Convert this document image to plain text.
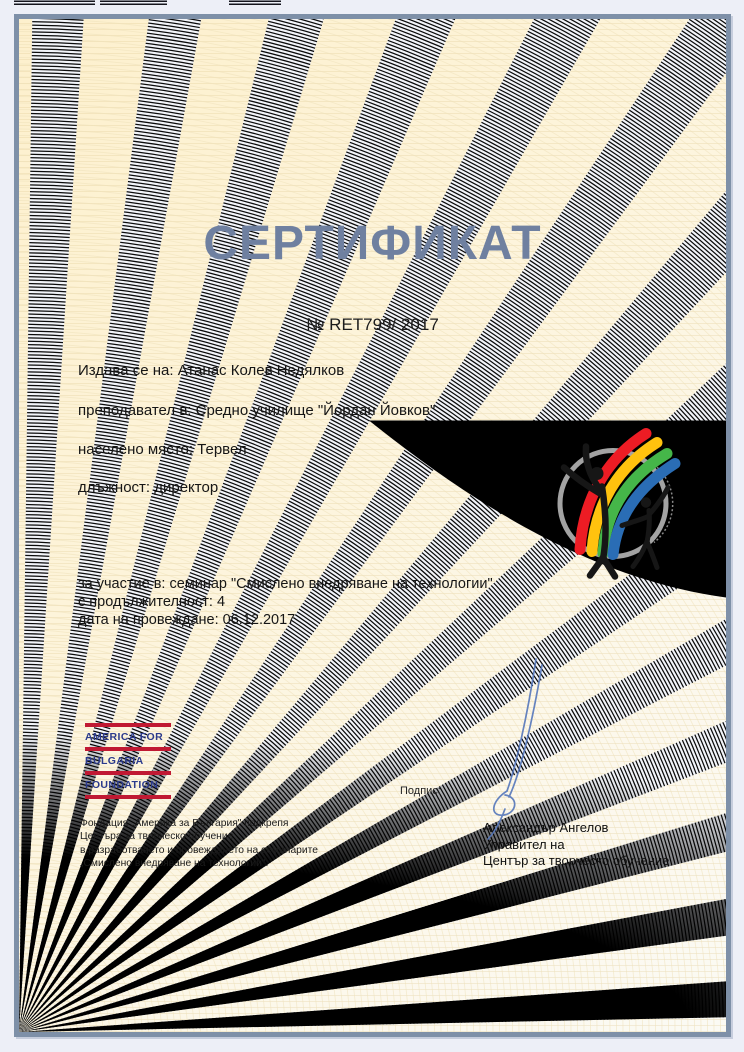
СЕРТИФИКАТ
№ RET799/ 2017
Издава се на: Атанас Колев Недялков
преподавател в: Средно училище "Йордан Йовков"
населено място: Тервел
длъжност: директор
за участие в: семинар "Смислено внедряване на технологии"
с продължителност: 4
дата на провеждане: 06.12.2017
AMERICA FOR
BULGARIA
FOUNDATION
Фондация „Америка за България" подкрепя
Центъра за творческо обучение
в разработването и провеждането на семинарите
„Смислено внедряване на технологии".
Подпис:
Александър Ангелов
Управител на
Център за творческо обучение
